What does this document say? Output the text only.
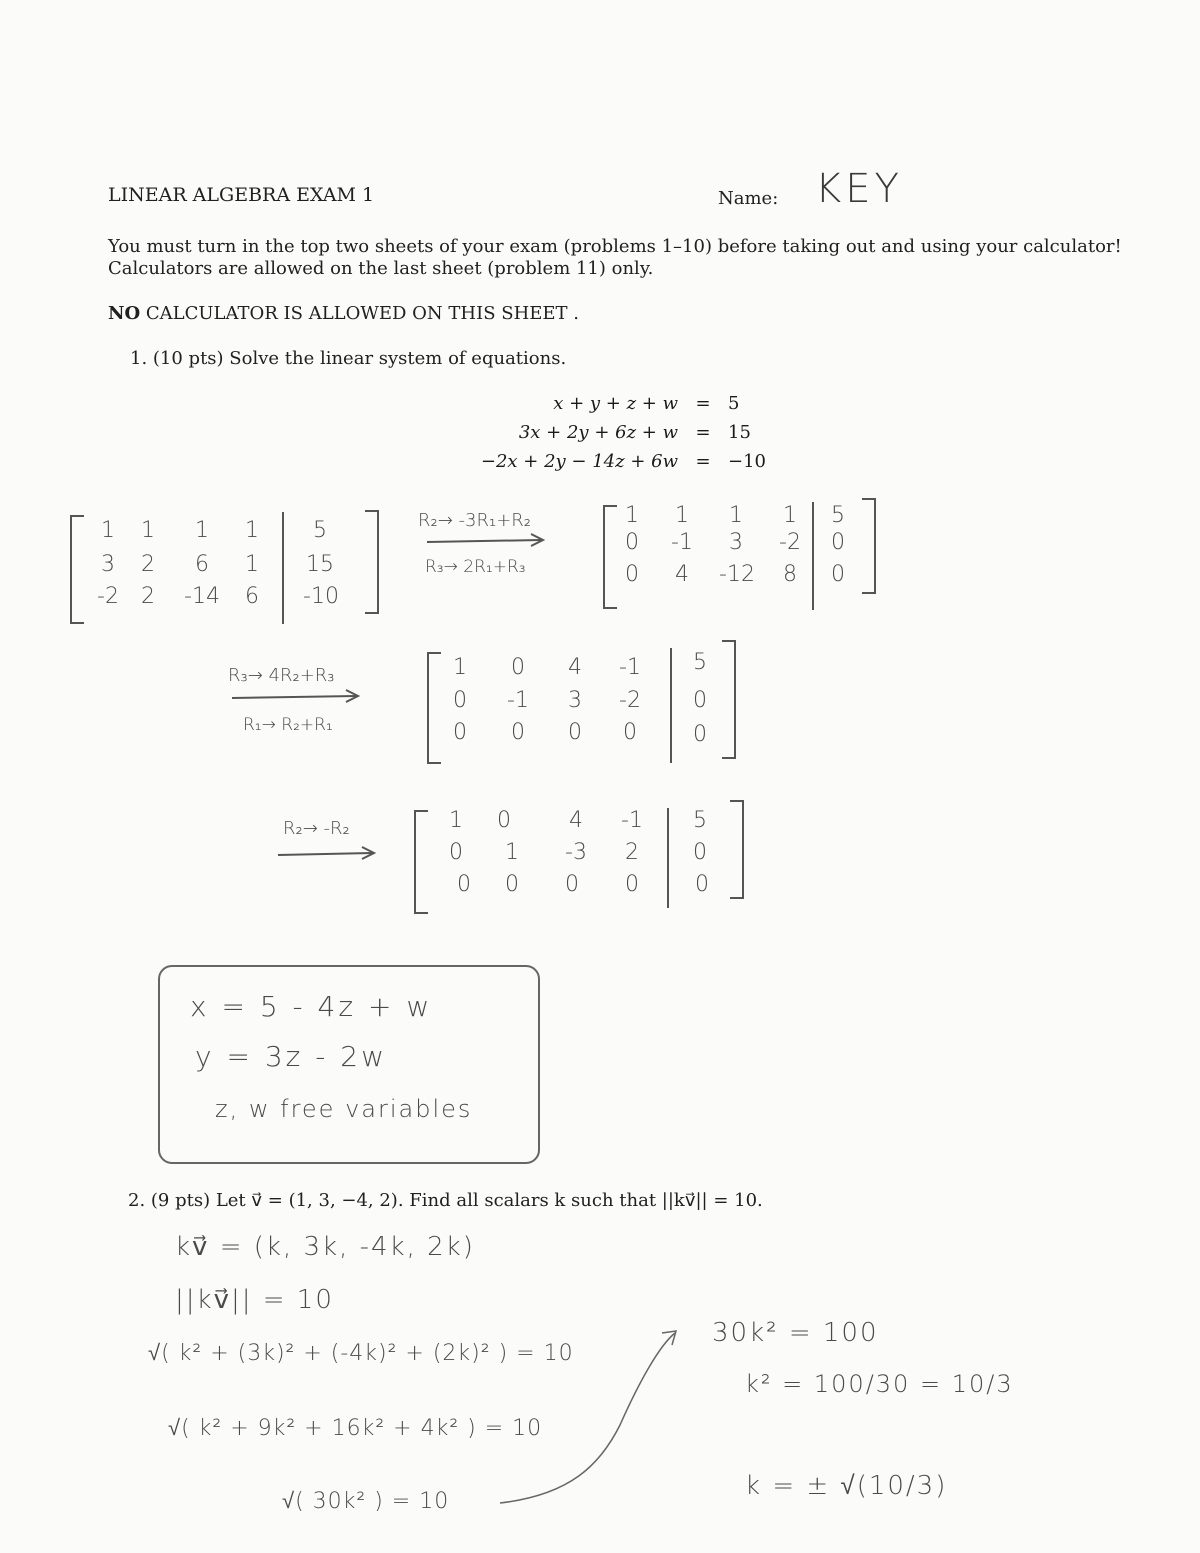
LINEAR ALGEBRA EXAM 1	Name: KEY
You must turn in the top two sheets of your exam (problems 1–10) before taking out and using your calculator!
Calculators are allowed on the last sheet (problem 11) only.
NO CALCULATOR IS ALLOWED ON THIS SHEET .
1. (10 pts) Solve the linear system of equations.
x + y + z + w = 5
3x + 2y + 6z + w = 15
−2x + 2y − 14z + 6w = −10
1	1	1	1	5
3	2	6	1	15
-2	2	-14	6	-10
R₂→ -3R₁+R₂
R₃→ 2R₁+R₃
1	1	1	1	5
0	-1	3	-2	0
0	4	-12	8	0
R₃→ 4R₂+R₃
R₁→ R₂+R₁
1	0	4	-1	5
0	-1	3	-2	0
0	0	0	0	0
R₂→ -R₂	1	0	4	-1	5
0	1	-3	2	0
0	0	0	0	0
x = 5 - 4z + w
y = 3z - 2w
z, w free variables
2. (9 pts) Let v⃗ = (1, 3, −4, 2). Find all scalars k such that ||kv⃗|| = 10.
kv⃗ = (k, 3k, -4k, 2k)
||kv⃗|| = 10
√( k² + (3k)² + (-4k)² + (2k)² ) = 10
√( k² + 9k² + 16k² + 4k² ) = 10
√( 30k² ) = 10
30k² = 100
k² = 100/30 = 10/3
k = ± √(10/3)
